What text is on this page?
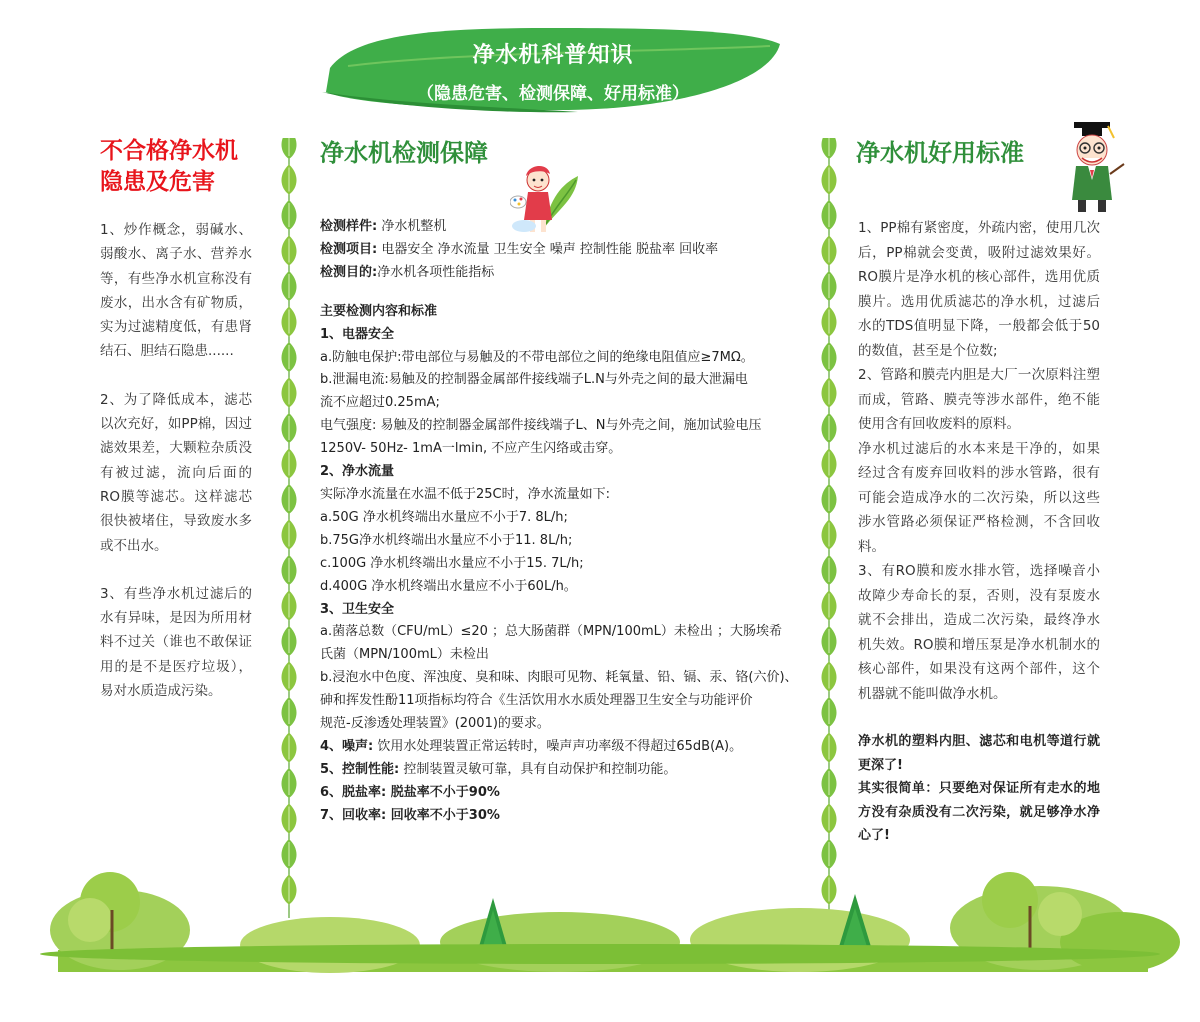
净水机科普知识
（隐患危害、检测保障、好用标准）
不合格净水机
隐患及危害

1、炒作概念，弱碱水、弱酸水、离子水、营养水等，有些净水机宣称没有废水，出水含有矿物质，实为过滤精度低，有患肾结石、胆结石隐患......

2、为了降低成本，滤芯以次充好，如PP棉，因过滤效果差，大颗粒杂质没有被过滤，流向后面的RO膜等滤芯。这样滤芯很快被堵住，导致废水多或不出水。

3、有些净水机过滤后的水有异味，是因为所用材料不过关（谁也不敢保证用的是不是医疗垃圾），易对水质造成污染。

净水机检测保障
检测样件: 净水机整机
检测项目: 电器安全 净水流量 卫生安全 噪声 控制性能 脱盐率 回收率
检测目的:净水机各项性能指标
主要检测内容和标准
1、电器安全
a.防触电保护:带电部位与易触及的不带电部位之间的绝缘电阻值应≥7MΩ。
b.泄漏电流:易触及的控制器金属部件接线端子L.N与外壳之间的最大泄漏电
流不应超过0.25mA;
电气强度: 易触及的控制器金属部件接线端子L、N与外壳之间，施加试验电压
1250V- 50Hz- 1mA一lmin, 不应产生闪络或击穿。
2、净水流量
实际净水流量在水温不低于25C时，净水流量如下:
a.50G 净水机终端出水量应不小于7. 8L/h;
b.75G净水机终端出水量应不小于11. 8L/h;
c.100G 净水机终端出水量应不小于15. 7L/h;
d.400G 净水机终端出水量应不小于60L/h。
3、卫生安全
a.菌落总数（CFU/mL）≤20 ；总大肠菌群（MPN/100mL）未检出 ；大肠埃希
氏菌（MPN/100mL）未检出
b.浸泡水中色度、浑浊度、臭和味、肉眼可见物、耗氧量、铅、镉、汞、铬(六价)、
砷和挥发性酚11项指标均符合《生活饮用水水质处理器卫生安全与功能评价
规范-反渗透处理装置》(2001)的要求。
4、噪声: 饮用水处理装置正常运转时，噪声声功率级不得超过65dB(A)。
5、控制性能: 控制装置灵敏可靠，具有自动保护和控制功能。
6、脱盐率: 脱盐率不小于90%
7、回收率: 回收率不小于30%
净水机好用标准

1、PP棉有紧密度，外疏内密，使用几次后，PP棉就会变黄，吸附过滤效果好。RO膜片是净水机的核心部件，选用优质膜片。选用优质滤芯的净水机，过滤后水的TDS值明显下降，一般都会低于50的数值，甚至是个位数;

2、管路和膜壳内胆是大厂一次原料注塑而成，管路、膜壳等涉水部件，绝不能使用含有回收废料的原料。

净水机过滤后的水本来是干净的，如果经过含有废弃回收料的涉水管路，很有可能会造成净水的二次污染，所以这些涉水管路必须保证严格检测，不含回收料。

3、有RO膜和废水排水管，选择噪音小故障少寿命长的泵，否则，没有泵废水就不会排出，造成二次污染，最终净水机失效。RO膜和增压泵是净水机制水的核心部件，如果没有这两个部件，这个机器就不能叫做净水机。

净水机的塑料内胆、滤芯和电机等道行就更深了!

其实很简单：只要绝对保证所有走水的地方没有杂质没有二次污染，就足够净水净心了!
